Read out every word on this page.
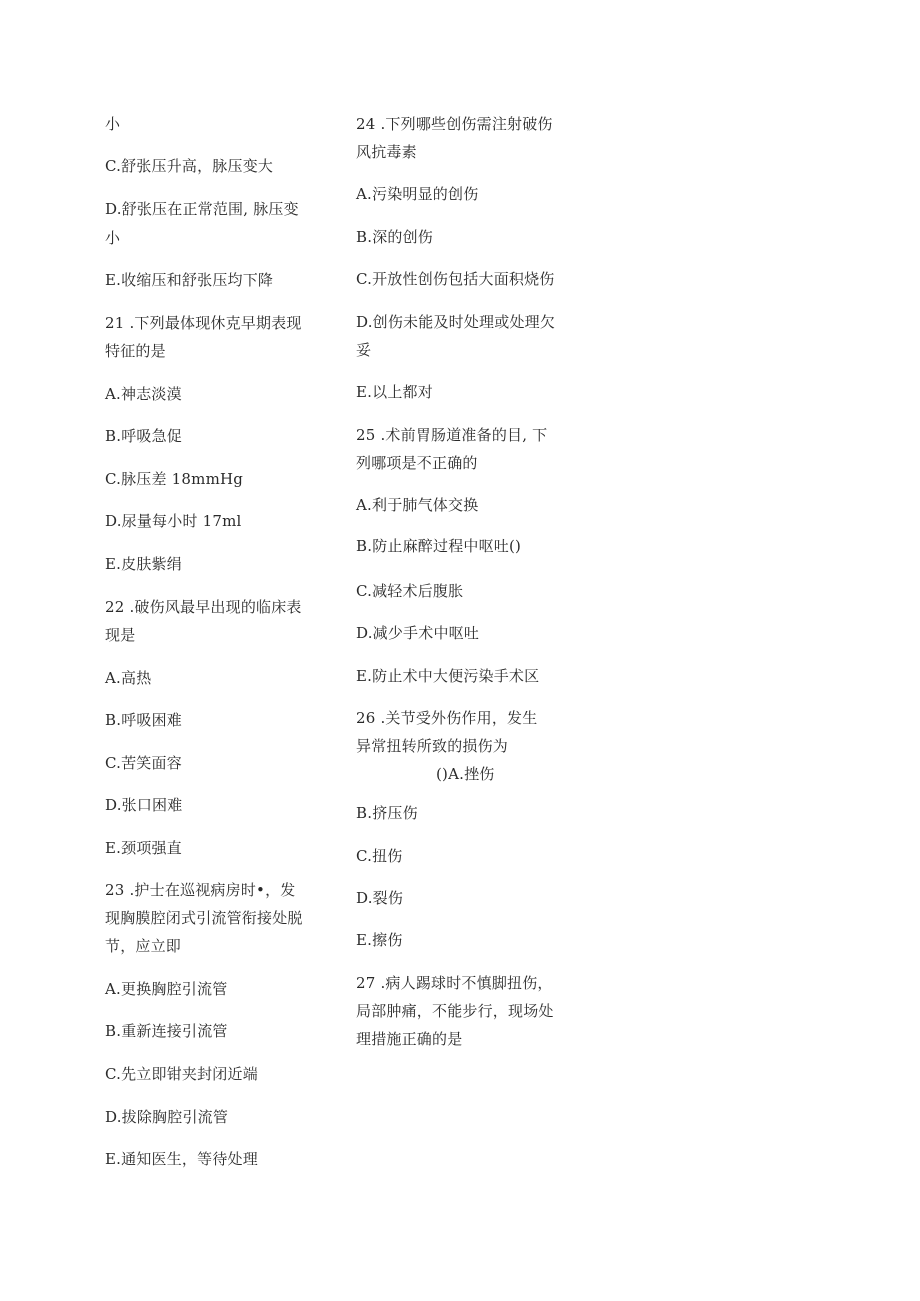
小
C.舒张压升高，脉压变大
D.舒张压在正常范围, 脉压变
小
E.收缩压和舒张压均下降
21 .下列最体现休克早期表现
特征的是
A.神志淡漠
B.呼吸急促
C.脉压差 18mmHg
D.尿量每小时 17ml
E.皮肤紫绢
22 .破伤风最早出现的临床表
现是
A.高热
B.呼吸困难
C.苦笑面容
D.张口困难
E.颈项强直
23 .护士在巡视病房时•，发
现胸膜腔闭式引流管衔接处脱
节，应立即
A.更换胸腔引流管
B.重新连接引流管
C.先立即钳夹封闭近端
D.拔除胸腔引流管
E.通知医生，等待处理
24 .下列哪些创伤需注射破伤
风抗毒素
A.污染明显的创伤
B.深的创伤
C.开放性创伤包括大面积烧伤
D.创伤未能及时处理或处理欠
妥
E.以上都对
25 .术前胃肠道准备的目, 下
列哪项是不正确的
A.利于肺气体交换
B.防止麻醉过程中呕吐()
C.减轻术后腹胀
D.减少手术中呕吐
E.防止术中大便污染手术区
26 .关节受外伤作用，发生
异常扭转所致的损伤为
()A.挫伤
B.挤压伤
C.扭伤
D.裂伤
E.擦伤
27 .病人踢球时不慎脚扭伤，
局部肿痛，不能步行，现场处
理措施正确的是
